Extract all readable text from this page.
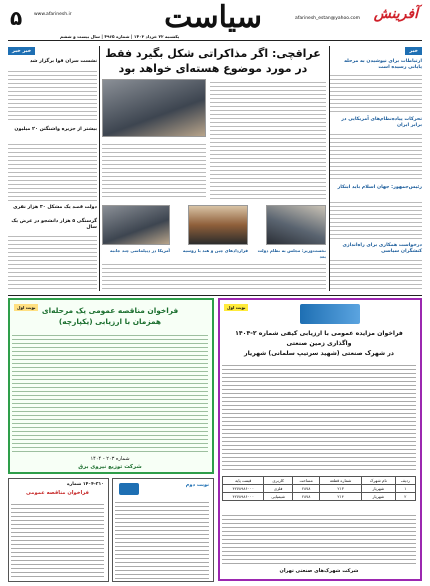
۵	www.afarinesh.ir	آفرینش
afarinesh_estan@yahoo.com
سیاست
یکشنبه ۲۲ خرداد ۱۴۰۳ | شماره ۴۹۶۵ | سال بیست و ششم
خبر
ارتباطات برای نپوشیدن به مرحله پایانی رسیده است
تحرکات پیاده‌نظام‌های آمریکایی در برابر ایران
رئیس‌جمهور: جهان اسلام باید ابتکار
درخواست همکاری برای راه‌اندازی کنشگران سیاسی
عراقچی: اگر مذاکراتی شکل بگیرد فقط
در مورد موضوع هسته‌ای خواهد بود
نخست‌وزیر: مجلس به نظام دولت بعد
قراردادهای چین و هند با روسیه
آمریکا در دیپلماسی چند جانبه
خبر خبر
نشست سران قوا برگزار شد
بیشتر از جزیره واشنگتن ۲۰ میلیون
دولت قصد یک مشکل ۴۰ هزار نفری
گرسنگی ۵ هزار دانشجو در عرض یک سال
نوبت اول
فراخوان مزایده عمومی با ارزیابی کیفی شماره ۲-۱۴۰۴
واگذاری زمین صنعتی
در شهرک صنعتی (شهید سرتیپ سلمانی) شهریار
ردیف	نام شهرک	شماره قطعه	مساحت	کاربری	قیمت پایه
۱	شهریار	۲۱۳	۲۸۷۸	فلزی	۴۲۷۸۹۸۶۰۰۰
۲	شهریار	۲۱۴	۲۸۷۸	شیمیایی	۴۲۷۸۹۸۶۰۰۰
شرکت شهرک‌های صنعتی تهران
نوبت اول فراخوان مناقصه عمومی یک مرحله‌ای
همزمان با ارزیابی (یکپارچه)
شماره ۲۰۳ - ۱۴۰۴
شرکت توزیع نیروی برق
نوبت دوم
۱۴۰۴-۲۱۰ شماره
فراخوان مناقصه عمومی
